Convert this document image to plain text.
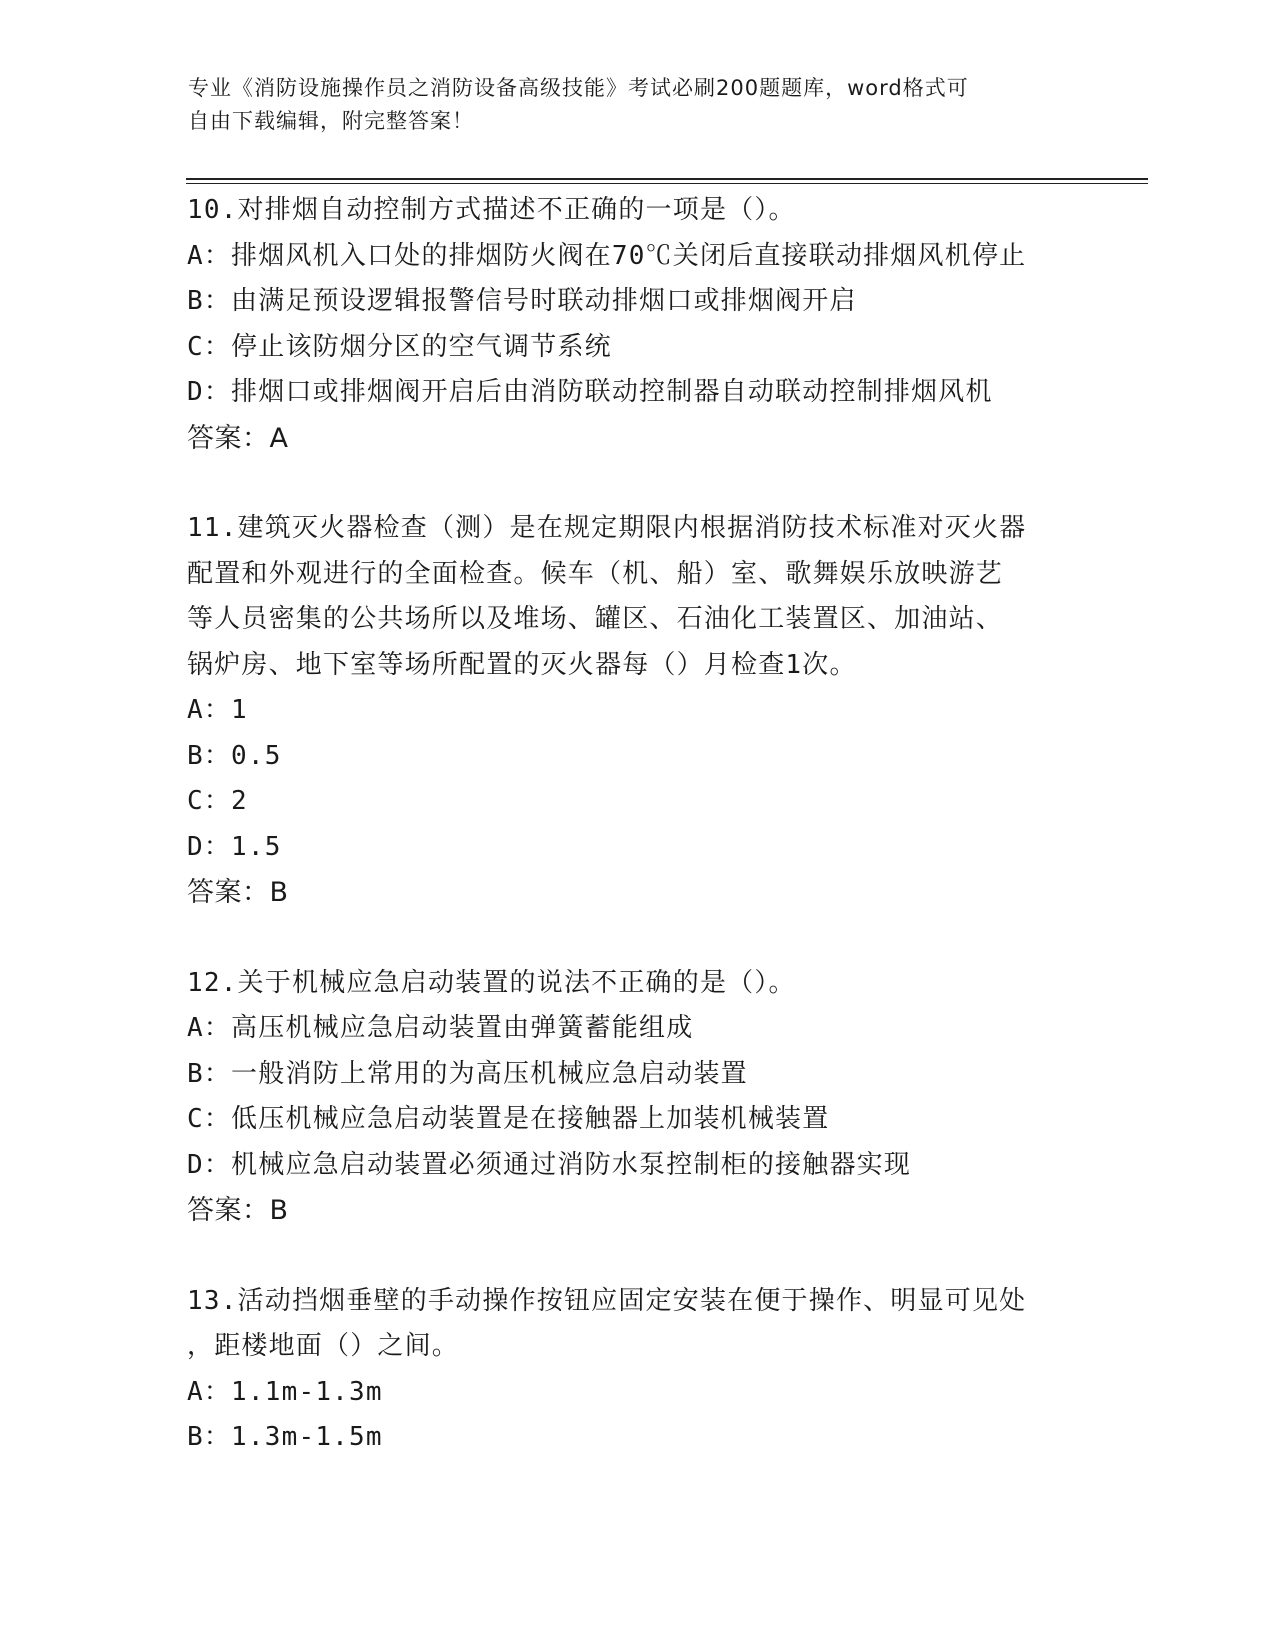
专业《消防设施操作员之消防设备高级技能》考试必刷200题题库，word格式可
自由下载编辑，附完整答案！
10.对排烟自动控制方式描述不正确的一项是（）。
A：排烟风机入口处的排烟防火阀在70℃关闭后直接联动排烟风机停止
B：由满足预设逻辑报警信号时联动排烟口或排烟阀开启
C：停止该防烟分区的空气调节系统
D：排烟口或排烟阀开启后由消防联动控制器自动联动控制排烟风机
答案：A
11.建筑灭火器检查（测）是在规定期限内根据消防技术标准对灭火器
配置和外观进行的全面检查。候车（机、船）室、歌舞娱乐放映游艺
等人员密集的公共场所以及堆场、罐区、石油化工装置区、加油站、
锅炉房、地下室等场所配置的灭火器每（）月检查1次。
A：1
B：0.5
C：2
D：1.5
答案：B
12.关于机械应急启动装置的说法不正确的是（）。
A：高压机械应急启动装置由弹簧蓄能组成
B：一般消防上常用的为高压机械应急启动装置
C：低压机械应急启动装置是在接触器上加装机械装置
D：机械应急启动装置必须通过消防水泵控制柜的接触器实现
答案：B
13.活动挡烟垂壁的手动操作按钮应固定安装在便于操作、明显可见处
，距楼地面（）之间。
A：1.1m-1.3m
B：1.3m-1.5m
